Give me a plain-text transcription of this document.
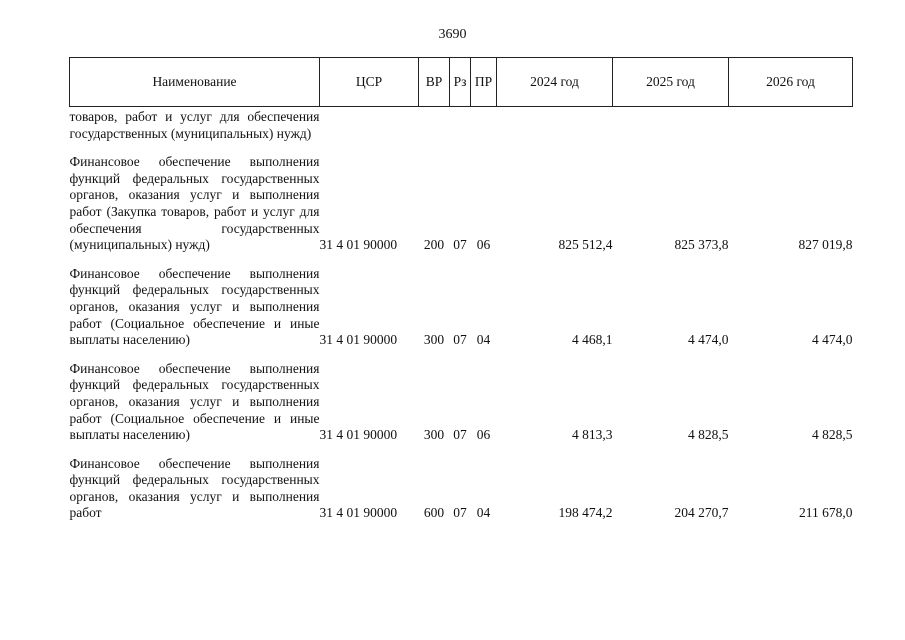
3690
Наименование	ЦСР	ВР	Рз	ПР	2024 год	2025 год	2026 год
товаров, работ и услуг для обеспечения государственных (муниципальных) нужд)							
Финансовое обеспечение выполнения функций федеральных государственных органов, оказания услуг и выполнения работ (Закупка товаров, работ и услуг для обеспечения государственных (муниципальных) нужд)	31 4 01 90000	200	07	06	825 512,4	825 373,8	827 019,8
Финансовое обеспечение выполнения функций федеральных государственных органов, оказания услуг и выполнения работ (Социальное обеспечение и иные выплаты населению)	31 4 01 90000	300	07	04	4 468,1	4 474,0	4 474,0
Финансовое обеспечение выполнения функций федеральных государственных органов, оказания услуг и выполнения работ (Социальное обеспечение и иные выплаты населению)	31 4 01 90000	300	07	06	4 813,3	4 828,5	4 828,5
Финансовое обеспечение выполнения функций федеральных государственных органов, оказания услуг и выполнения работ	31 4 01 90000	600	07	04	198 474,2	204 270,7	211 678,0
